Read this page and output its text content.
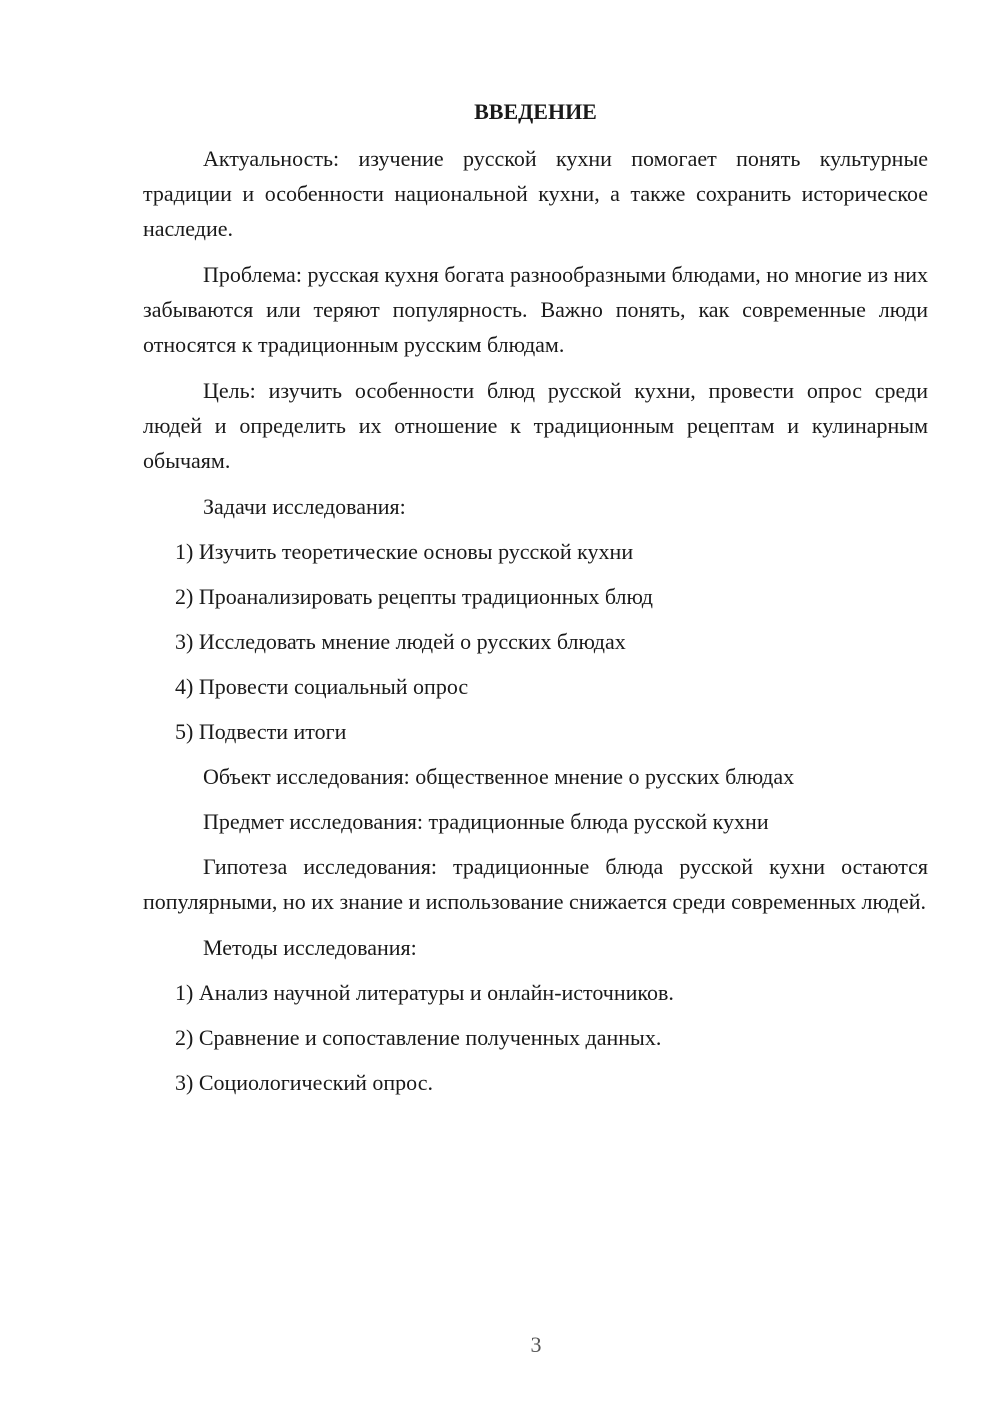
ВВЕДЕНИЕ

Актуальность: изучение русской кухни помогает понять культурные традиции и особенности национальной кухни, а также сохранить историческое наследие.

Проблема: русская кухня богата разнообразными блюдами, но многие из них забываются или теряют популярность. Важно понять, как современные люди относятся к традиционным русским блюдам.

Цель: изучить особенности блюд русской кухни, провести опрос среди людей и определить их отношение к традиционным рецептам и кулинарным обычаям.

Задачи исследования:
1) Изучить теоретические основы русской кухни
2) Проанализировать рецепты традиционных блюд
3) Исследовать мнение людей о русских блюдах
4) Провести социальный опрос
5) Подвести итоги
Объект исследования: общественное мнение о русских блюдах
Предмет исследования: традиционные блюда русской кухни

Гипотеза исследования: традиционные блюда русской кухни остаются популярными, но их знание и использование снижается среди современных людей.

Методы исследования:
1) Анализ научной литературы и онлайн-источников.
2) Сравнение и сопоставление полученных данных.
3) Социологический опрос.
3
